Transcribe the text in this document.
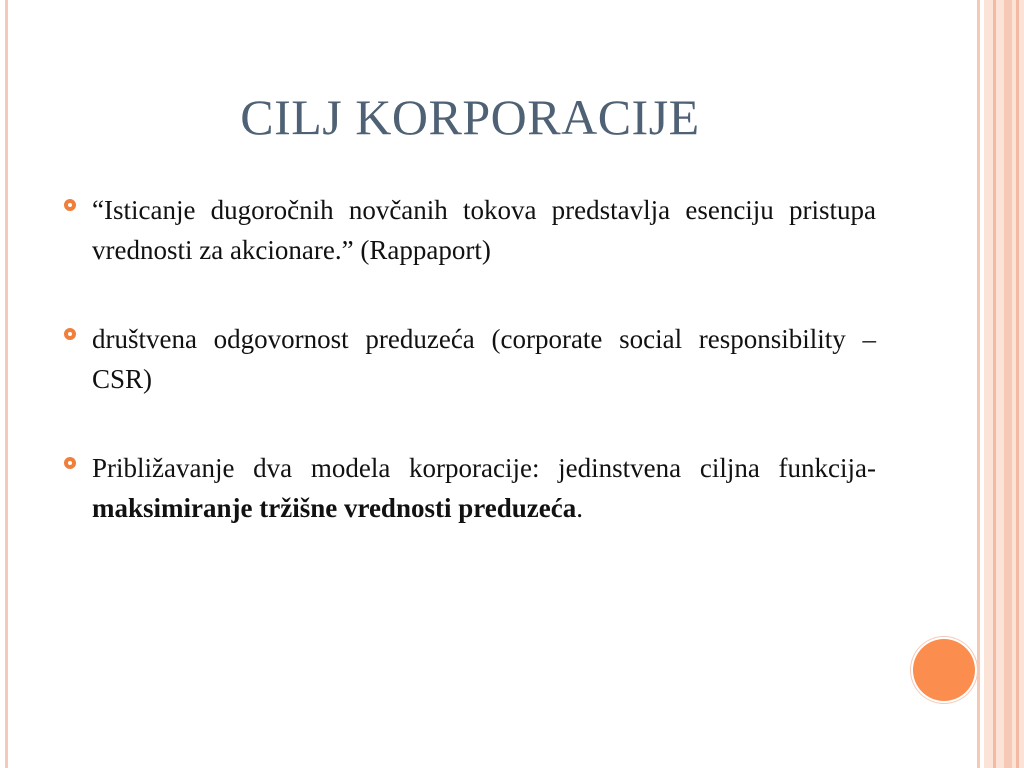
CILJ KORPORACIJE
“Isticanje dugoročnih novčanih tokova predstavlja esenciju pristupa vrednosti za akcionare.” (Rappaport)
društvena odgovornost preduzeća (corporate social responsibility – CSR)
Približavanje dva modela korporacije: jedinstvena ciljna funkcija- maksimiranje tržišne vrednosti preduzeća.
